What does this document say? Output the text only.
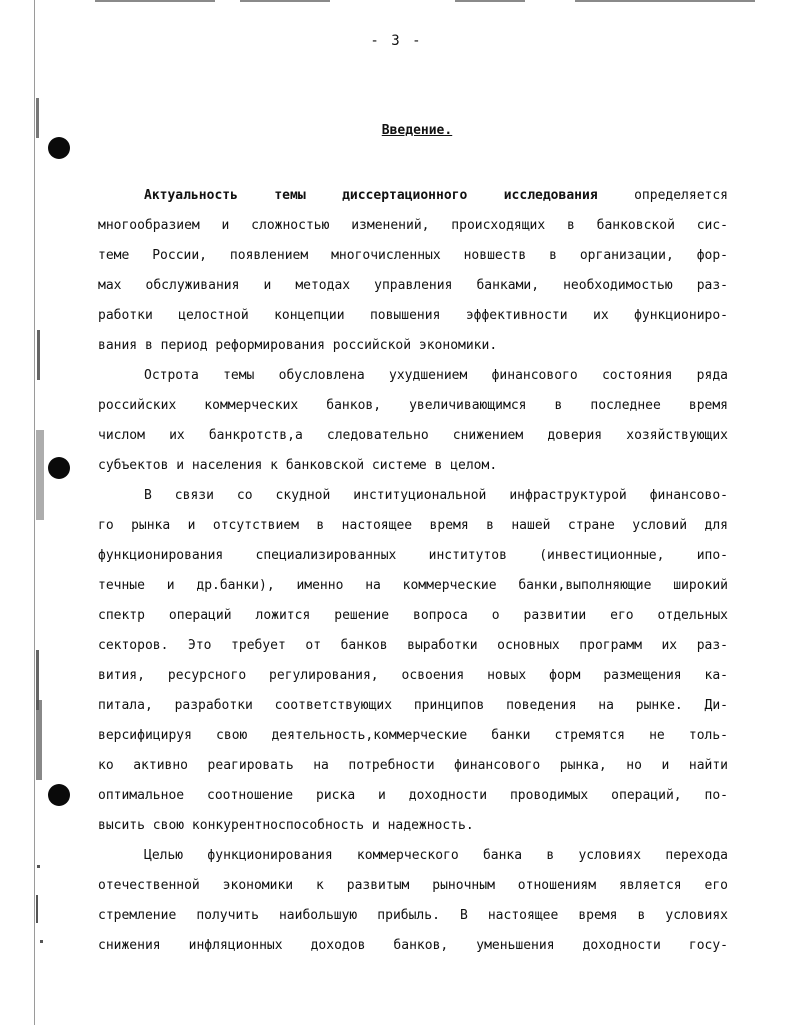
- 3 -
Введение.
Актуальность темы диссертационного исследования	определяется
многообразием и сложностью изменений, происходящих в банковской сис-
теме России, появлением многочисленных новшеств в организации, фор-
мах обслуживания и методах управления банками, необходимостью раз-
работки целостной концепции повышения эффективности их функциониро-
вания в период реформирования российской экономики.
Острота темы обусловлена ухудшением финансового состояния ряда
российских коммерческих банков, увеличивающимся в последнее время
числом их банкротств,а следовательно снижением доверия хозяйствующих
субъектов и населения к банковской системе в целом.
В связи со скудной институциональной инфраструктурой финансово-
го рынка и отсутствием в настоящее время в нашей стране условий для
функционирования специализированных институтов (инвестиционные, ипо-
течные и др.банки), именно на коммерческие банки,выполняющие широкий
спектр операций ложится решение вопроса о развитии его отдельных
секторов. Это требует от банков выработки основных программ их раз-
вития, ресурсного регулирования, освоения новых форм размещения ка-
питала, разработки соответствующих принципов поведения на рынке. Ди-
версифицируя свою деятельность,коммерческие банки стремятся не толь-
ко активно реагировать на потребности финансового рынка, но и найти
оптимальное соотношение риска и доходности проводимых операций, по-
высить свою конкурентноспособность и надежность.
Целью функционирования коммерческого банка в условиях перехода
отечественной экономики к развитым рыночным отношениям является его
стремление получить наибольшую прибыль. В настоящее время в условиях
снижения инфляционных доходов банков, уменьшения доходности госу-
